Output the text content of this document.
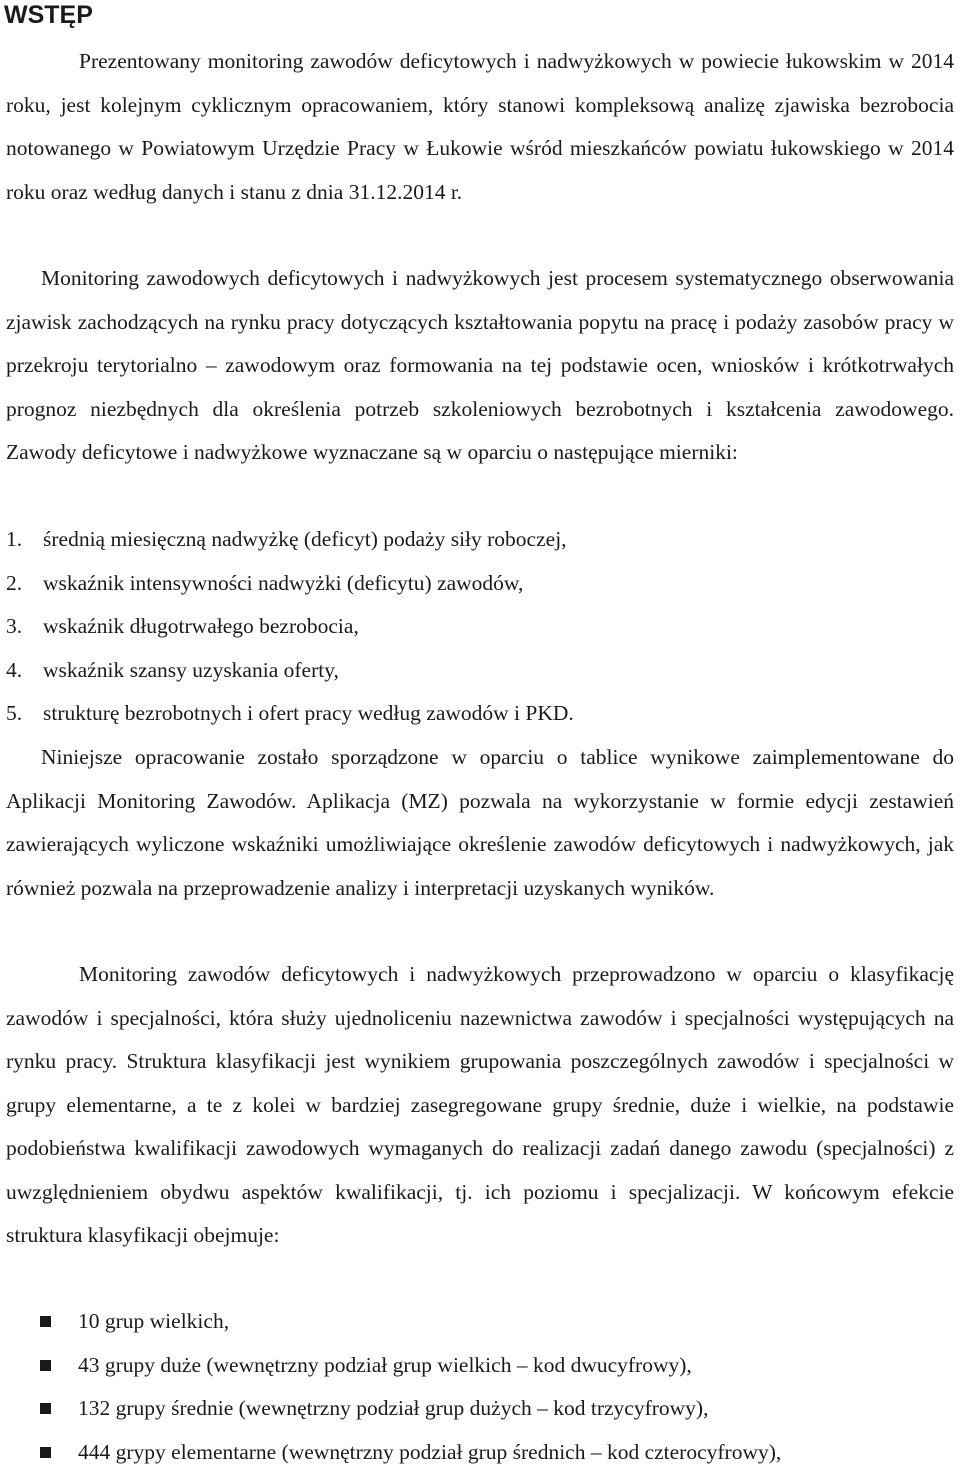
WSTĘP

Prezentowany monitoring zawodów deficytowych i nadwyżkowych w powiecie łukowskim w 2014 roku, jest kolejnym cyklicznym opracowaniem, który stanowi kompleksową analizę zjawiska bezrobocia notowanego w Powiatowym Urzędzie Pracy w Łukowie wśród mieszkańców powiatu łukowskiego w 2014 roku oraz według danych i stanu z dnia 31.12.2014 r.

Monitoring zawodowych deficytowych i nadwyżkowych jest procesem systematycznego obserwowania zjawisk zachodzących na rynku pracy dotyczących kształtowania popytu na pracę i podaży zasobów pracy w przekroju terytorialno – zawodowym oraz formowania na tej podstawie ocen, wniosków i krótkotrwałych prognoz niezbędnych dla określenia potrzeb szkoleniowych bezrobotnych i kształcenia zawodowego. Zawody deficytowe i nadwyżkowe wyznaczane są w oparciu o następujące mierniki:

1. średnią miesięczną nadwyżkę (deficyt) podaży siły roboczej,
2. wskaźnik intensywności nadwyżki (deficytu) zawodów,
3. wskaźnik długotrwałego bezrobocia,
4. wskaźnik szansy uzyskania oferty,
5. strukturę bezrobotnych i ofert pracy według zawodów i PKD.

Niniejsze opracowanie zostało sporządzone w oparciu o tablice wynikowe zaimplementowane do Aplikacji Monitoring Zawodów. Aplikacja (MZ) pozwala na wykorzystanie w formie edycji zestawień zawierających wyliczone wskaźniki umożliwiające określenie zawodów deficytowych i nadwyżkowych, jak również pozwala na przeprowadzenie analizy i interpretacji uzyskanych wyników.

Monitoring zawodów deficytowych i nadwyżkowych przeprowadzono w oparciu o klasyfikację zawodów i specjalności, która służy ujednoliceniu nazewnictwa zawodów i specjalności występujących na rynku pracy. Struktura klasyfikacji jest wynikiem grupowania poszczególnych zawodów i specjalności w grupy elementarne, a te z kolei w bardziej zasegregowane grupy średnie, duże i wielkie, na podstawie podobieństwa kwalifikacji zawodowych wymaganych do realizacji zadań danego zawodu (specjalności) z uwzględnieniem obydwu aspektów kwalifikacji, tj. ich poziomu i specjalizacji. W końcowym efekcie struktura klasyfikacji obejmuje:

10 grup wielkich,
43 grupy duże (wewnętrzny podział grup wielkich – kod dwucyfrowy),
132 grupy średnie (wewnętrzny podział grup dużych – kod trzycyfrowy),
444 grypy elementarne (wewnętrzny podział grup średnich – kod czterocyfrowy),
